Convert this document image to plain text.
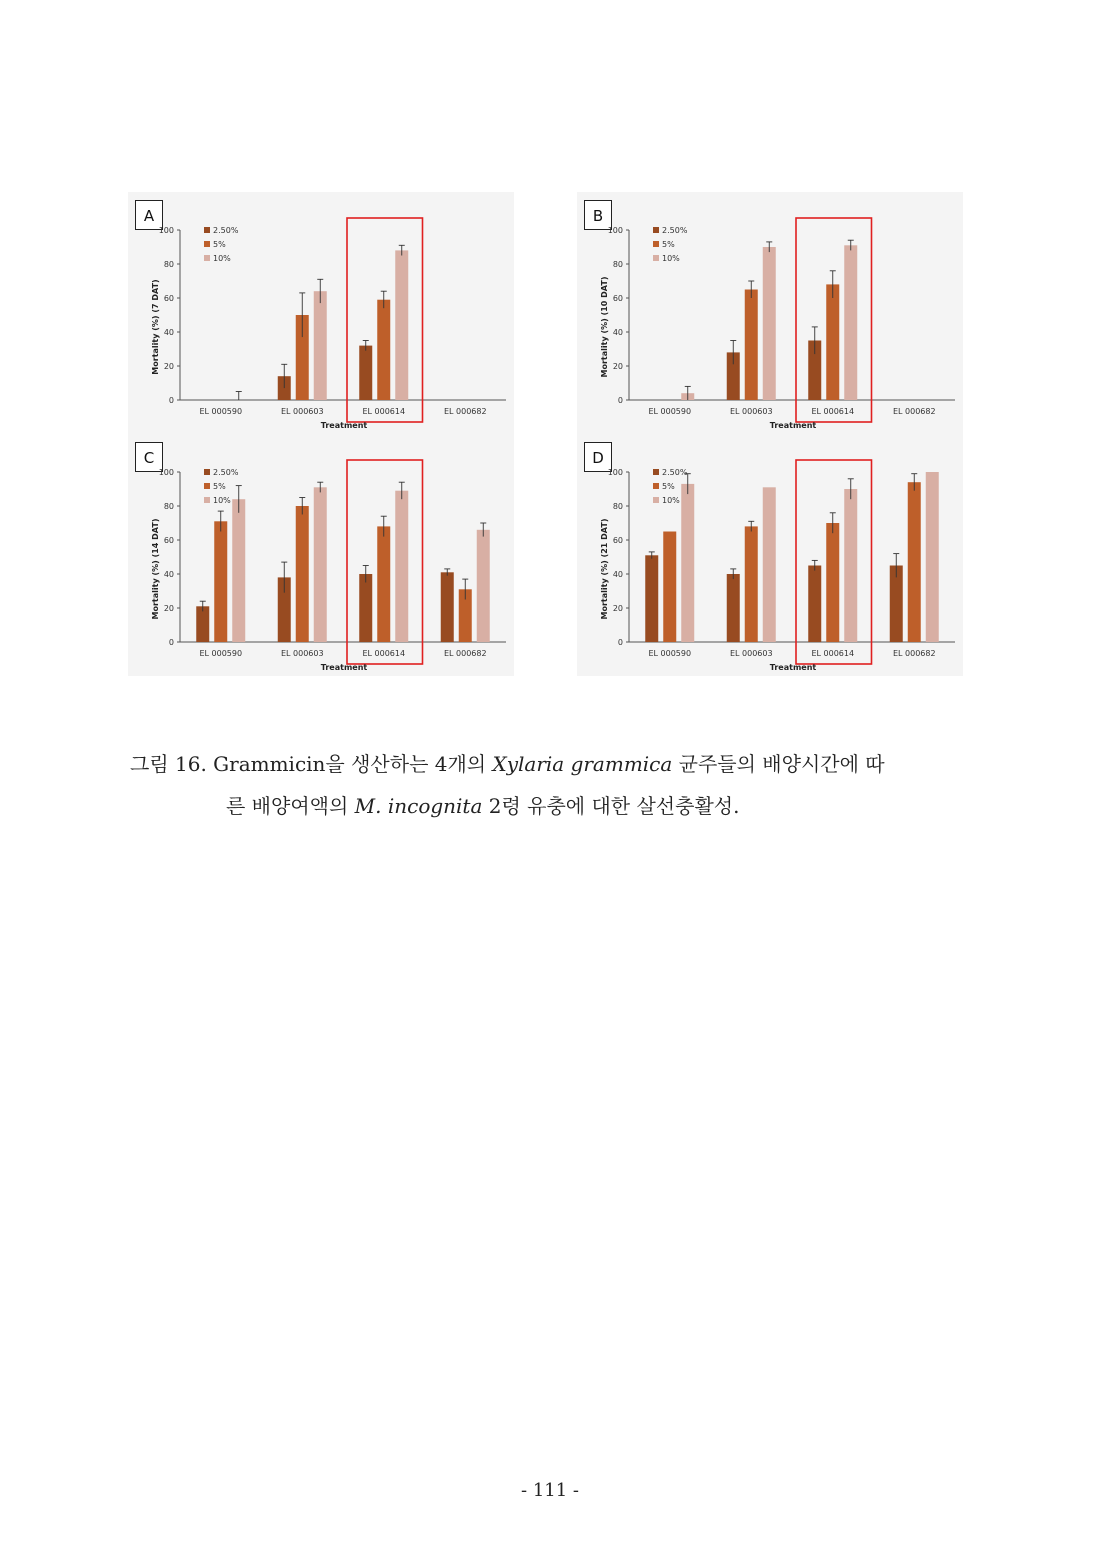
A
0
20
40
60
80
100
EL 000590	EL 000603	EL 000614	EL 000682
Treatment
Mortality (%) (7 DAT)
2.50%
5%
10%
B
0
20
40
60
80
100
EL 000590	EL 000603	EL 000614	EL 000682
Treatment
Mortality (%) (10 DAT)
2.50%
5%
10%
C
0
20
40
60
80
100
EL 000590	EL 000603	EL 000614	EL 000682
Treatment
Mortality (%) (14 DAT)
2.50%
5%
10%
D
0
20
40
60
80
100
EL 000590	EL 000603	EL 000614	EL 000682
Treatment
Mortality (%) (21 DAT)
2.50%
5%
10%
그림 16. Grammicin을 생산하는 4개의 Xylaria grammica 균주들의 배양시간에 따
른 배양여액의 M. incognita 2령 유충에 대한 살선충활성.
- 111 -
